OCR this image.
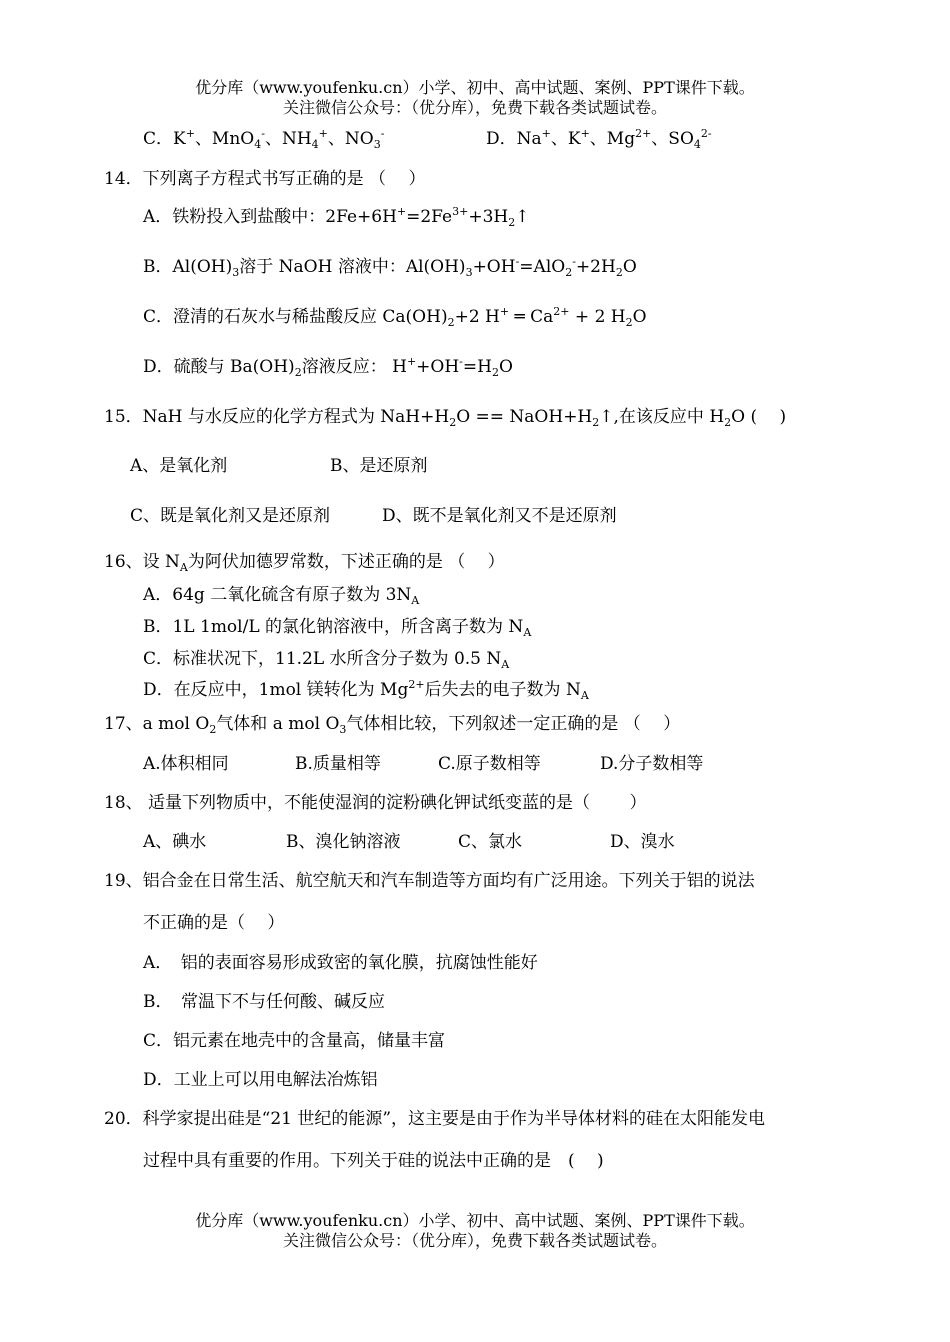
优分库（www.youfenku.cn）小学、初中、高中试题、案例、PPT课件下载。
关注微信公众号：（优分库），免费下载各类试题试卷。
C．K+、MnO$_4$-、$NH_4^+$、$NO_3^-$	D．Na+、K+、$Mg^{2+}$、$SO_4^{2-}$
14．下列离子方程式书写正确的是 （　 ）
A．铁粉投入到盐酸中：$2Fe+6H^+=2Fe^{3+}+3H_2↑$
B．$Al(OH)_3$溶于 NaOH 溶液中：$Al(OH)_3+OH^-=AlO_2^-+2H_2O$
C．澄清的石灰水与稀盐酸反应 $Ca(OH)_2+2$ H+ ═ $Ca^{2+} + 2$ $H_2O$
D．硫酸与 $Ba(OH)_2$溶液反应： $H^++OH^-=H_2O$
15．NaH 与水反应的化学方程式为 $NaH+H_2O$ == $NaOH+H_2↑$,在该反应中 $H_2O$ (　 )
A、是氧化剂	B、是还原剂
C、既是氧化剂又是还原剂	D、既不是氧化剂又不是还原剂
16、设 $N_A$为阿伏加德罗常数，下述正确的是 （　 ）
A．64g 二氧化硫含有原子数为 $3N_A$
B．1L 1mol/L 的氯化钠溶液中，所含离子数为 $N_A$
C．标准状况下，11.2L 水所含分子数为 0.5 $N_A$
D．在反应中，1mol 镁转化为 $Mg^{2+}$后失去的电子数为 $N_A$
17、a mol $O_2$气体和 a mol $O_3$气体相比较，下列叙述一定正确的是 （　 ）
A.体积相同	B.质量相等	C.原子数相等	D.分子数相等
18、 适量下列物质中，不能使湿润的淀粉碘化钾试纸变蓝的是（　　 ）
A、碘水	B、溴化钠溶液	C、氯水	D、溴水
19、铝合金在日常生活、航空航天和汽车制造等方面均有广泛用途。下列关于铝的说法
不正确的是（　 ）
A．　铝的表面容易形成致密的氧化膜，抗腐蚀性能好
B．　常温下不与任何酸、碱反应
C．铝元素在地壳中的含量高，储量丰富
D．工业上可以用电解法冶炼铝
20．科学家提出硅是“21 世纪的能源”，这主要是由于作为半导体材料的硅在太阳能发电
过程中具有重要的作用。下列关于硅的说法中正确的是　( 　)
优分库（www.youfenku.cn）小学、初中、高中试题、案例、PPT课件下载。
关注微信公众号：（优分库），免费下载各类试题试卷。
